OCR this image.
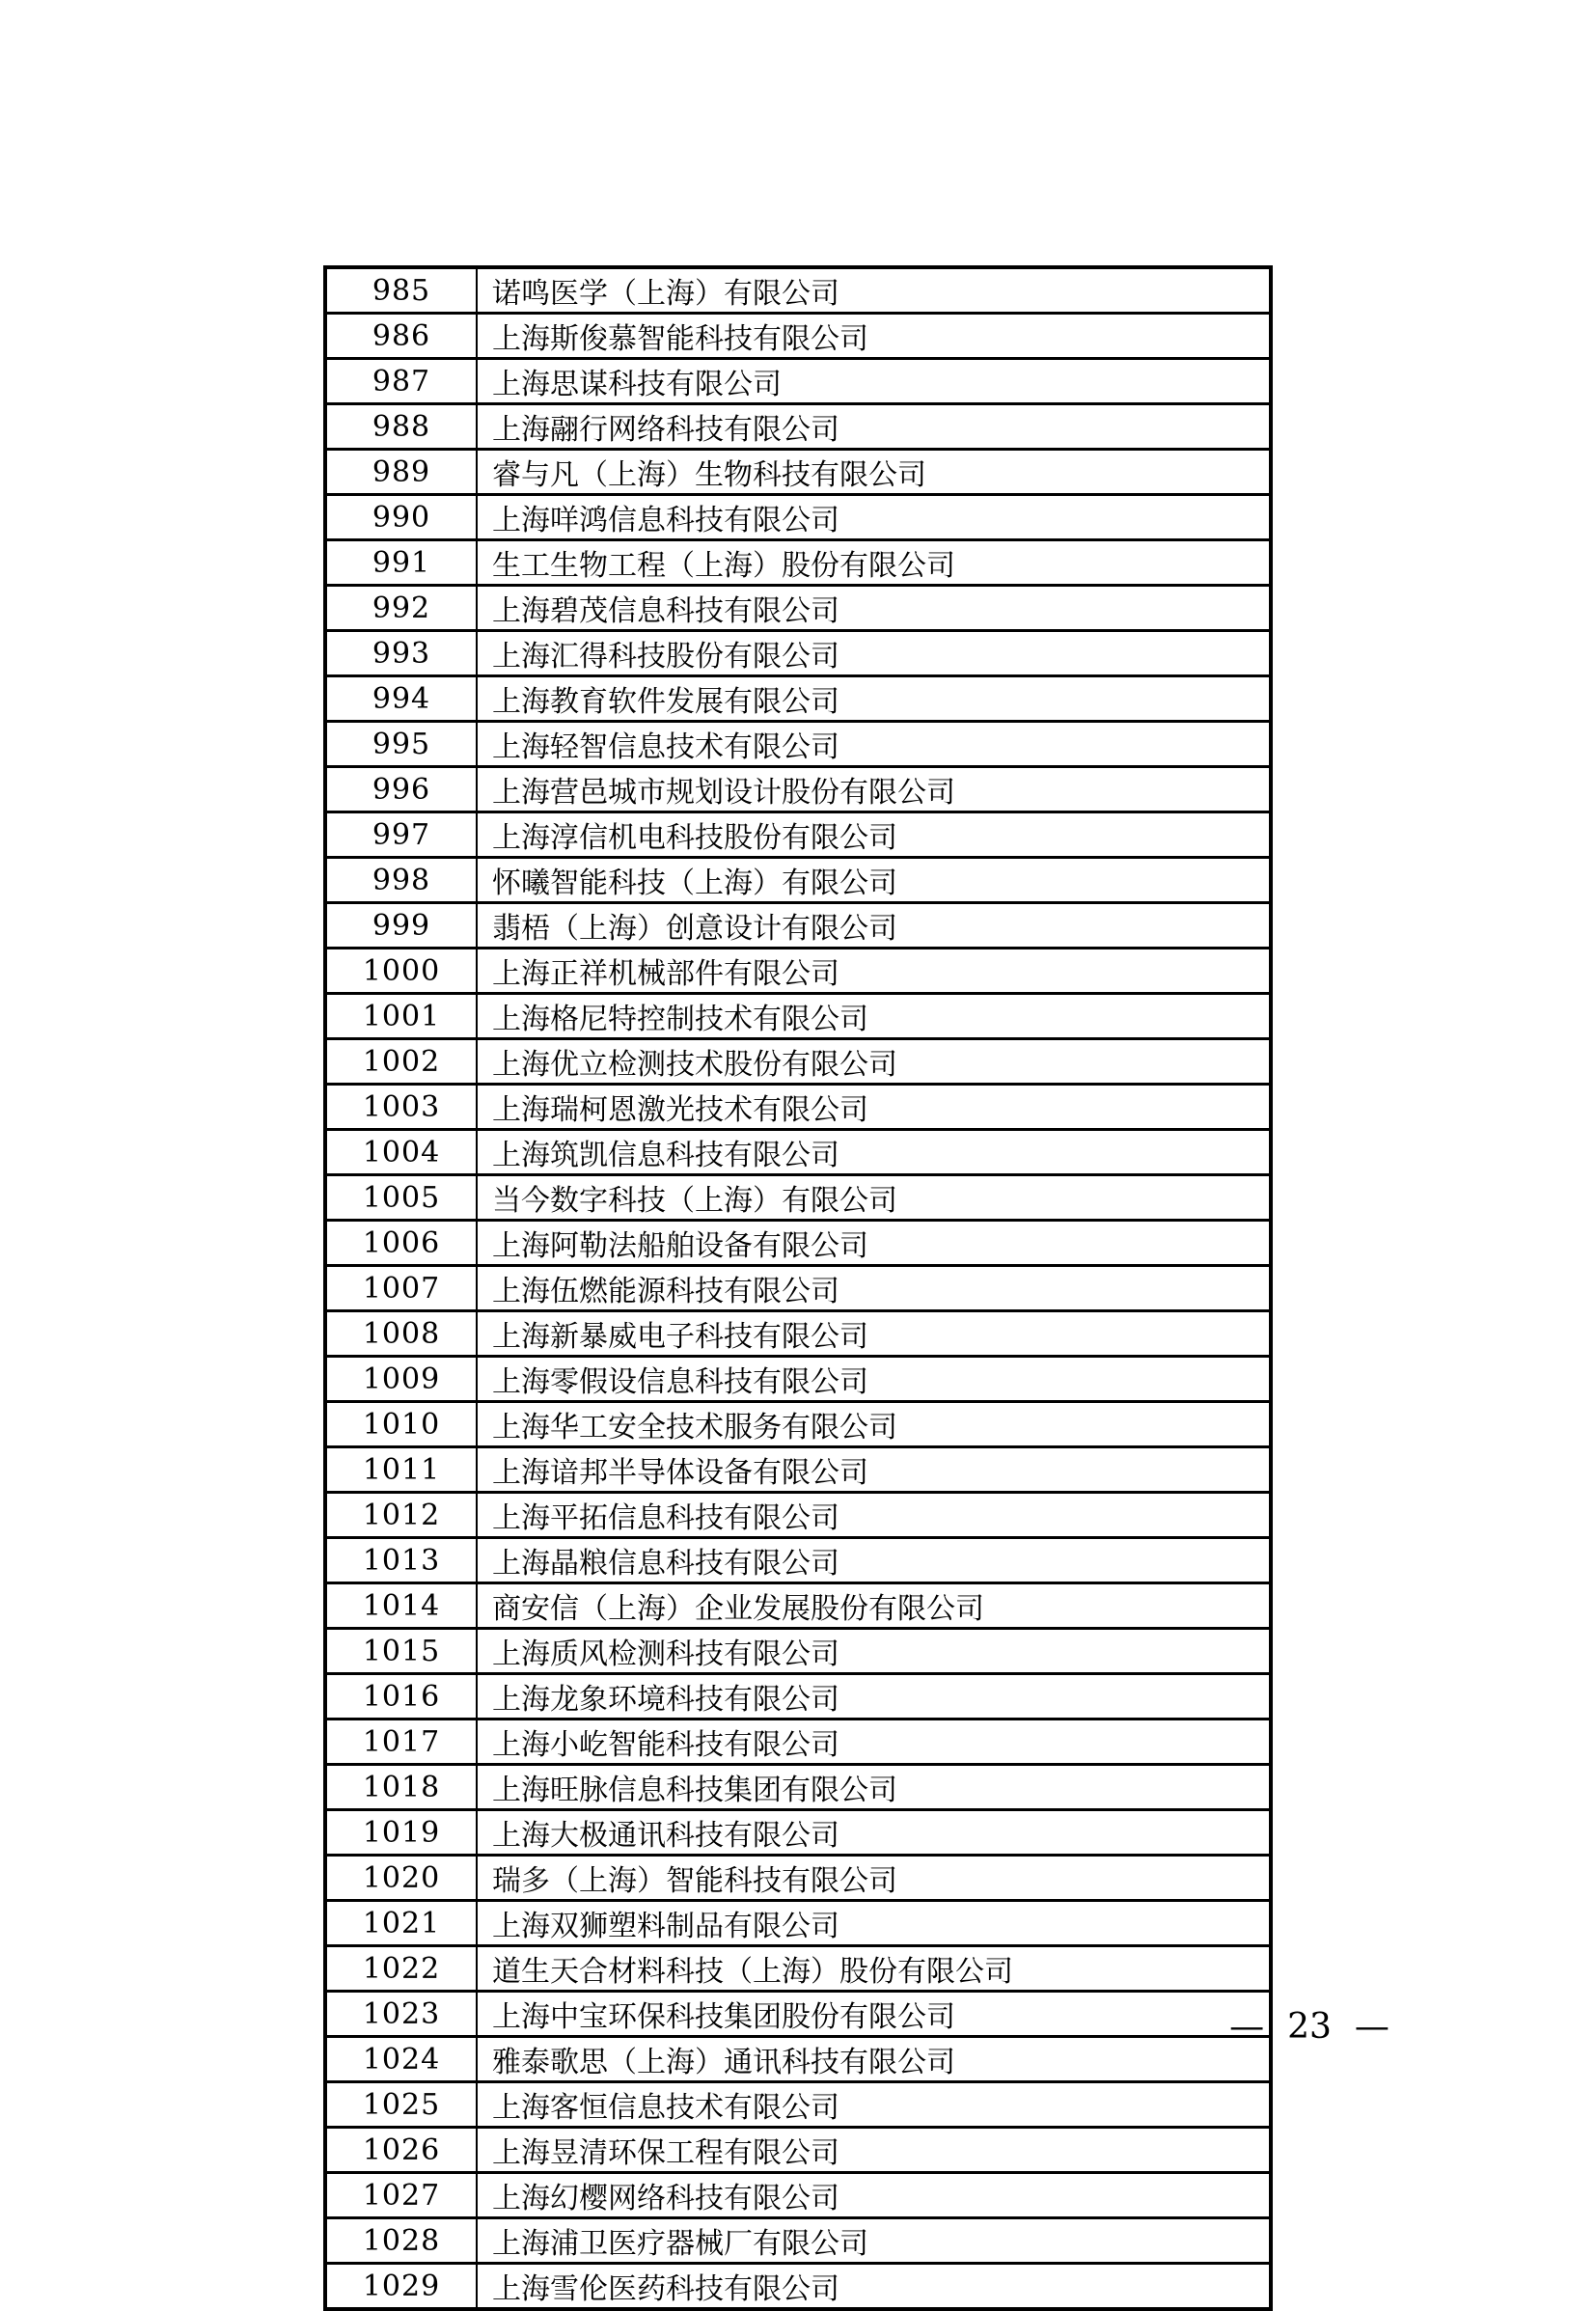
985	诺鸣医学（上海）有限公司
986	上海斯俊慕智能科技有限公司
987	上海思谋科技有限公司
988	上海翮行网络科技有限公司
989	睿与凡（上海）生物科技有限公司
990	上海咩鸿信息科技有限公司
991	生工生物工程（上海）股份有限公司
992	上海碧茂信息科技有限公司
993	上海汇得科技股份有限公司
994	上海教育软件发展有限公司
995	上海轻智信息技术有限公司
996	上海营邑城市规划设计股份有限公司
997	上海淳信机电科技股份有限公司
998	怀曦智能科技（上海）有限公司
999	翡梧（上海）创意设计有限公司
1000	上海正祥机械部件有限公司
1001	上海格尼特控制技术有限公司
1002	上海优立检测技术股份有限公司
1003	上海瑞柯恩激光技术有限公司
1004	上海筑凯信息科技有限公司
1005	当今数字科技（上海）有限公司
1006	上海阿勒法船舶设备有限公司
1007	上海伍燃能源科技有限公司
1008	上海新暴威电子科技有限公司
1009	上海零假设信息科技有限公司
1010	上海华工安全技术服务有限公司
1011	上海谙邦半导体设备有限公司
1012	上海平拓信息科技有限公司
1013	上海晶粮信息科技有限公司
1014	商安信（上海）企业发展股份有限公司
1015	上海质风检测科技有限公司
1016	上海龙象环境科技有限公司
1017	上海小屹智能科技有限公司
1018	上海旺脉信息科技集团有限公司
1019	上海大极通讯科技有限公司
1020	瑞多（上海）智能科技有限公司
1021	上海双狮塑料制品有限公司
1022	道生天合材料科技（上海）股份有限公司
1023	上海中宝环保科技集团股份有限公司
1024	雅泰歌思（上海）通讯科技有限公司
1025	上海客恒信息技术有限公司
1026	上海昱清环保工程有限公司
1027	上海幻樱网络科技有限公司
1028	上海浦卫医疗器械厂有限公司
1029	上海雪伦医药科技有限公司
— 23 —
